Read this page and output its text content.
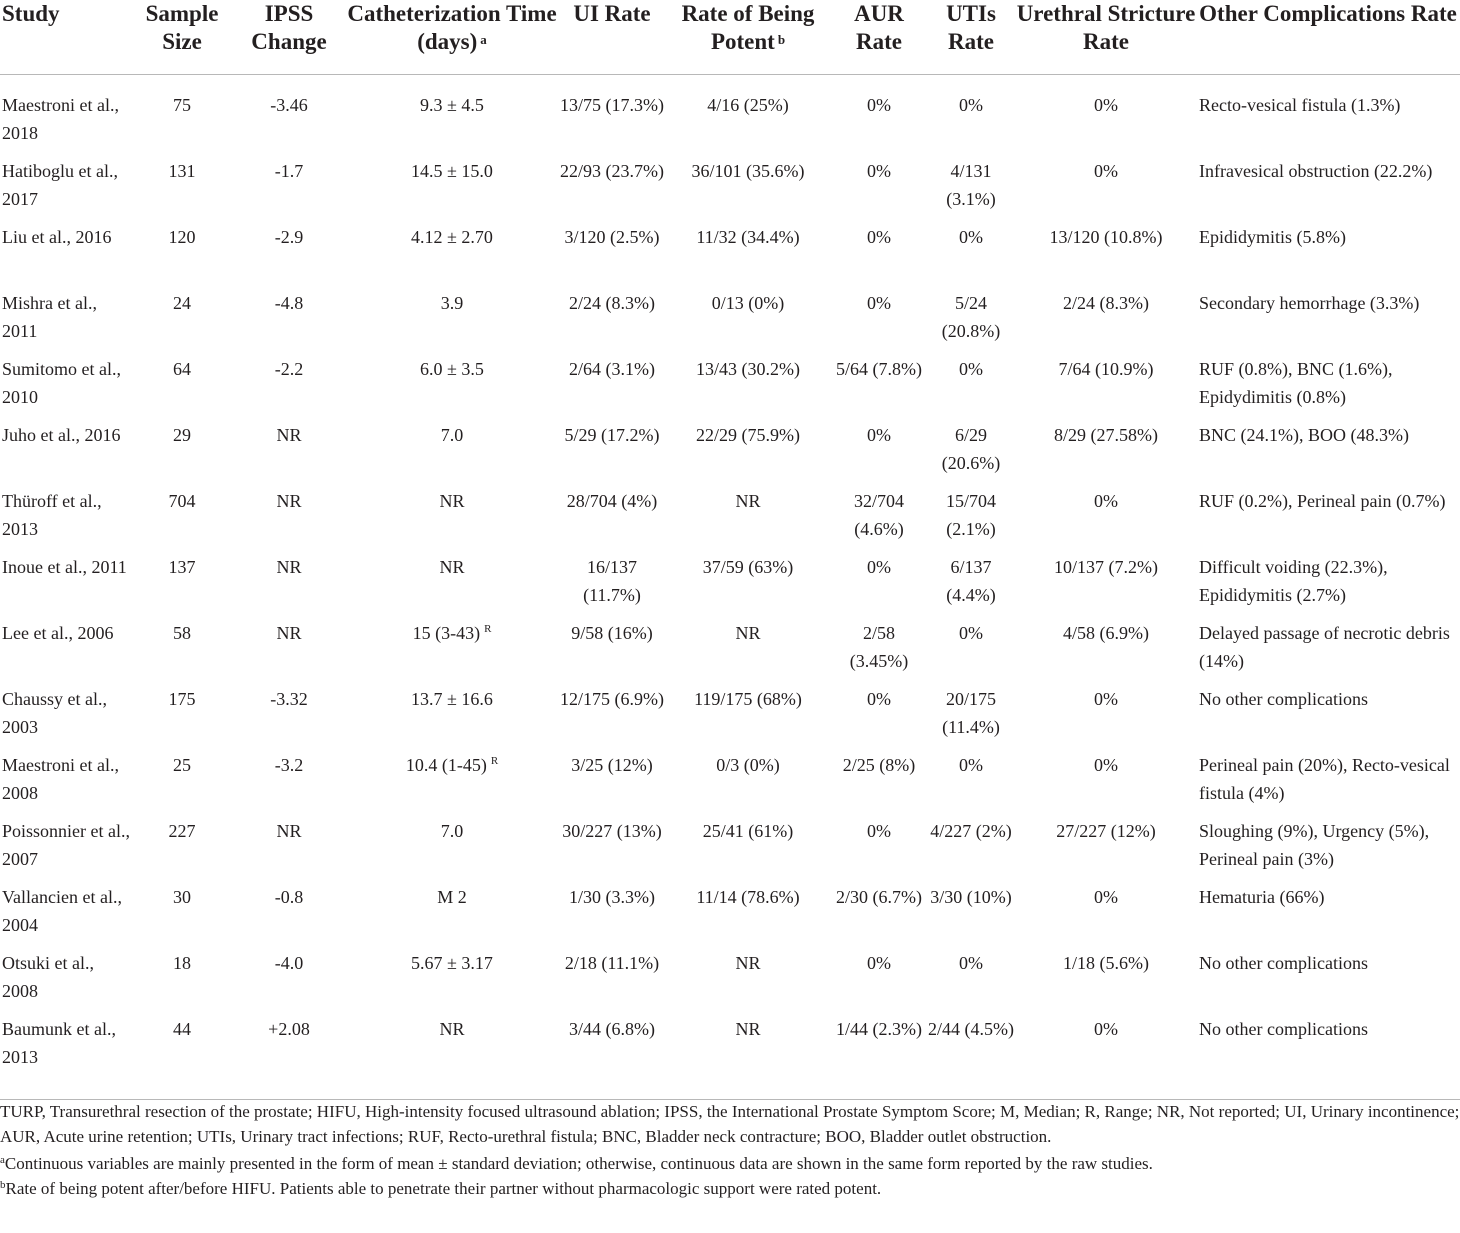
Study	Sample Size	IPSS Change	Catheterization Time (days) $^a$	UI Rate	Rate of Being Potent $^b$	AUR Rate	UTIs Rate	Urethral Stricture Rate	Other Complications Rate
Maestroni et al., 2018	75	-3.46	9.3 ± 4.5	13/75 (17.3%)	4/16 (25%)	0%	0%	0%	Recto-vesical fistula (1.3%)
Hatiboglu et al., 2017	131	-1.7	14.5 ± 15.0	22/93 (23.7%)	36/101 (35.6%)	0%	4/131 (3.1%)	0%	Infravesical obstruction (22.2%)
Liu et al., 2016	120	-2.9	4.12 ± 2.70	3/120 (2.5%)	11/32 (34.4%)	0%	0%	13/120 (10.8%)	Epididymitis (5.8%)
Mishra et al., 2011	24	-4.8	3.9	2/24 (8.3%)	0/13 (0%)	0%	5/24 (20.8%)	2/24 (8.3%)	Secondary hemorrhage (3.3%)
Sumitomo et al., 2010	64	-2.2	6.0 ± 3.5	2/64 (3.1%)	13/43 (30.2%)	5/64 (7.8%)	0%	7/64 (10.9%)	RUF (0.8%), BNC (1.6%), Epidydimitis (0.8%)
Juho et al., 2016	29	NR	7.0	5/29 (17.2%)	22/29 (75.9%)	0%	6/29 (20.6%)	8/29 (27.58%)	BNC (24.1%), BOO (48.3%)
Thüroff et al., 2013	704	NR	NR	28/704 (4%)	NR	32/704 (4.6%)	15/704 (2.1%)	0%	RUF (0.2%), Perineal pain (0.7%)
Inoue et al., 2011	137	NR	NR	16/137 (11.7%)	37/59 (63%)	0%	6/137 (4.4%)	10/137 (7.2%)	Difficult voiding (22.3%), Epididymitis (2.7%)
Lee et al., 2006	58	NR	15 (3-43) $^R$	9/58 (16%)	NR	2/58 (3.45%)	0%	4/58 (6.9%)	Delayed passage of necrotic debris (14%)
Chaussy et al., 2003	175	-3.32	13.7 ± 16.6	12/175 (6.9%)	119/175 (68%)	0%	20/175 (11.4%)	0%	No other complications
Maestroni et al., 2008	25	-3.2	10.4 (1-45) $^R$	3/25 (12%)	0/3 (0%)	2/25 (8%)	0%	0%	Perineal pain (20%), Recto-vesical fistula (4%)
Poissonnier et al., 2007	227	NR	7.0	30/227 (13%)	25/41 (61%)	0%	4/227 (2%)	27/227 (12%)	Sloughing (9%), Urgency (5%), Perineal pain (3%)
Vallancien et al., 2004	30	-0.8	M 2	1/30 (3.3%)	11/14 (78.6%)	2/30 (6.7%)	3/30 (10%)	0%	Hematuria (66%)
Otsuki et al., 2008	18	-4.0	5.67 ± 3.17	2/18 (11.1%)	NR	0%	0%	1/18 (5.6%)	No other complications
Baumunk et al., 2013	44	+2.08	NR	3/44 (6.8%)	NR	1/44 (2.3%)	2/44 (4.5%)	0%	No other complications

TURP, Transurethral resection of the prostate; HIFU, High-intensity focused ultrasound ablation; IPSS, the International Prostate Symptom Score; M, Median; R, Range; NR, Not reported; UI, Urinary incontinence; AUR, Acute urine retention; UTIs, Urinary tract infections; RUF, Recto-urethral fistula; BNC, Bladder neck contracture; BOO, Bladder outlet obstruction.

$^a$Continuous variables are mainly presented in the form of mean ± standard deviation; otherwise, continuous data are shown in the same form reported by the raw studies.

$^b$Rate of being potent after/before HIFU. Patients able to penetrate their partner without pharmacologic support were rated potent.
